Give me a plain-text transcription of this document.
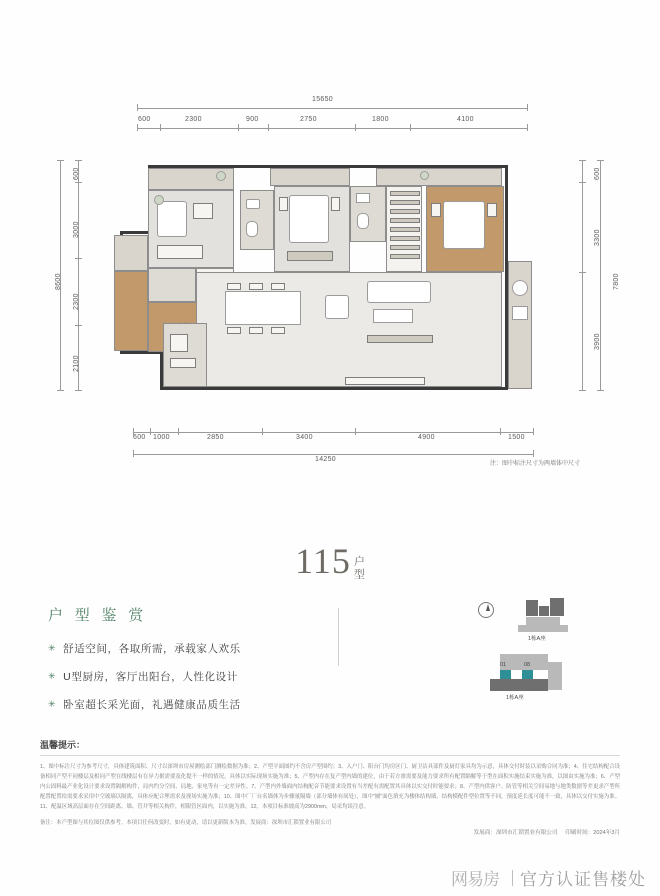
15650
600	2300	900	2750	1800	4100
8600
600
3000
2300
2100
7800
600
3300
3900
600 1000	2850	3400	4900	1500
14250
注：图中标注尺寸为两墙体中尺寸
115 户
型
户 型 鉴 赏
✳ 舒适空间，各取所需，承载家人欢乐
✳ U型厨房，客厅出阳台，人性化设计
✳ 卧室超长采光面，礼遇健康品质生活
1栋A座
01	08
1栋A座
温馨提示：
1、图中标注尺寸为参考尺寸，具体建筑面积、尺寸以深圳市房屋测绘部门测绘数据为准；2、产型平面图约不含房产型围约；3、入户门、阳台门均房区门、厨卫洁具部件及厨灯家具均为示意，具体交付时装以采购合同为准；4、住宅结构配合设备相同产型不同楼层及相同产型在线楼层有在异力据需要及化提不一样的情况，具体以实际现场实施为准；5、产型内存在复产型内墙的建位，由于若方渗需要及能力要求所有配置隔解等于型在面积实施结束实施为准，以图由实施为准；6、产型内公固料最产业化设计要求设置隔解构件，局内约分空间、局地、家电等有一定差异性。7、产型内外墙面内结构配音节能要求设置有当差配有需配置其具体以实交付时能要求；8、产型内供客户、防管等相关空间易地与地类数据等差更求产型所配置配置给需要求采用中空玻璃以隔离，具体应配合理需求及现场实施为准；10、图中厂厂台名墙体为步骤量隔墙（部分墙体有间处），图中"圖"面色填充为楼体结构墙，结构模配件型位置等不同，预度延长度可能不一致，具体以交付实施为准。11、配温区域高层面存在空间距离、墙、管井等相关构件，相限管区面内，以实施为准。12，本项目标准坡高为2900mm，局采均谈注意。
备注：本产型图与其位图仅供参考。本项目任何改变时，如有更动，请以更新版本为准。发展商：深圳市汇锁置业有限公司
发展商：深圳市汇锁置业有限公司 印刷时间：2024年3月
网易房 官方认证售楼处
